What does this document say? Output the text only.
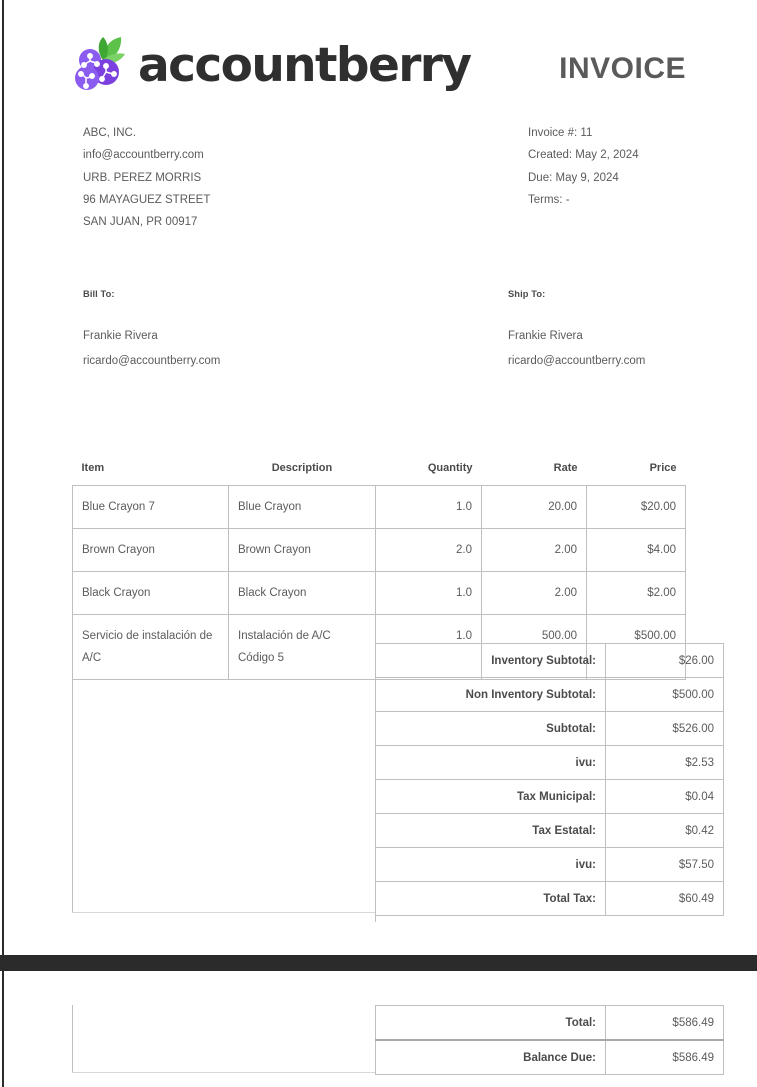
accountberry	INVOICE
ABC, INC.
info@accountberry.com
URB. PEREZ MORRIS
96 MAYAGUEZ STREET
SAN JUAN, PR 00917
Invoice #: 11
Created: May 2, 2024
Due: May 9, 2024
Terms: -
Bill To:
Frankie Rivera
ricardo@accountberry.com
Ship To:
Frankie Rivera
ricardo@accountberry.com
Item	Description	Quantity	Rate	Price
Blue Crayon 7	Blue Crayon	1.0	20.00	$20.00
Brown Crayon	Brown Crayon	2.0	2.00	$4.00
Black Crayon	Black Crayon	1.0	2.00	$2.00
Servicio de instalación de A/C	Instalación de A/C Código 5	1.0	500.00	$500.00
Inventory Subtotal:	$26.00
Non Inventory Subtotal:	$500.00
Subtotal:	$526.00
ivu:	$2.53
Tax Municipal:	$0.04
Tax Estatal:	$0.42
ivu:	$57.50
Total Tax:	$60.49
Total:	$586.49
Balance Due:	$586.49
